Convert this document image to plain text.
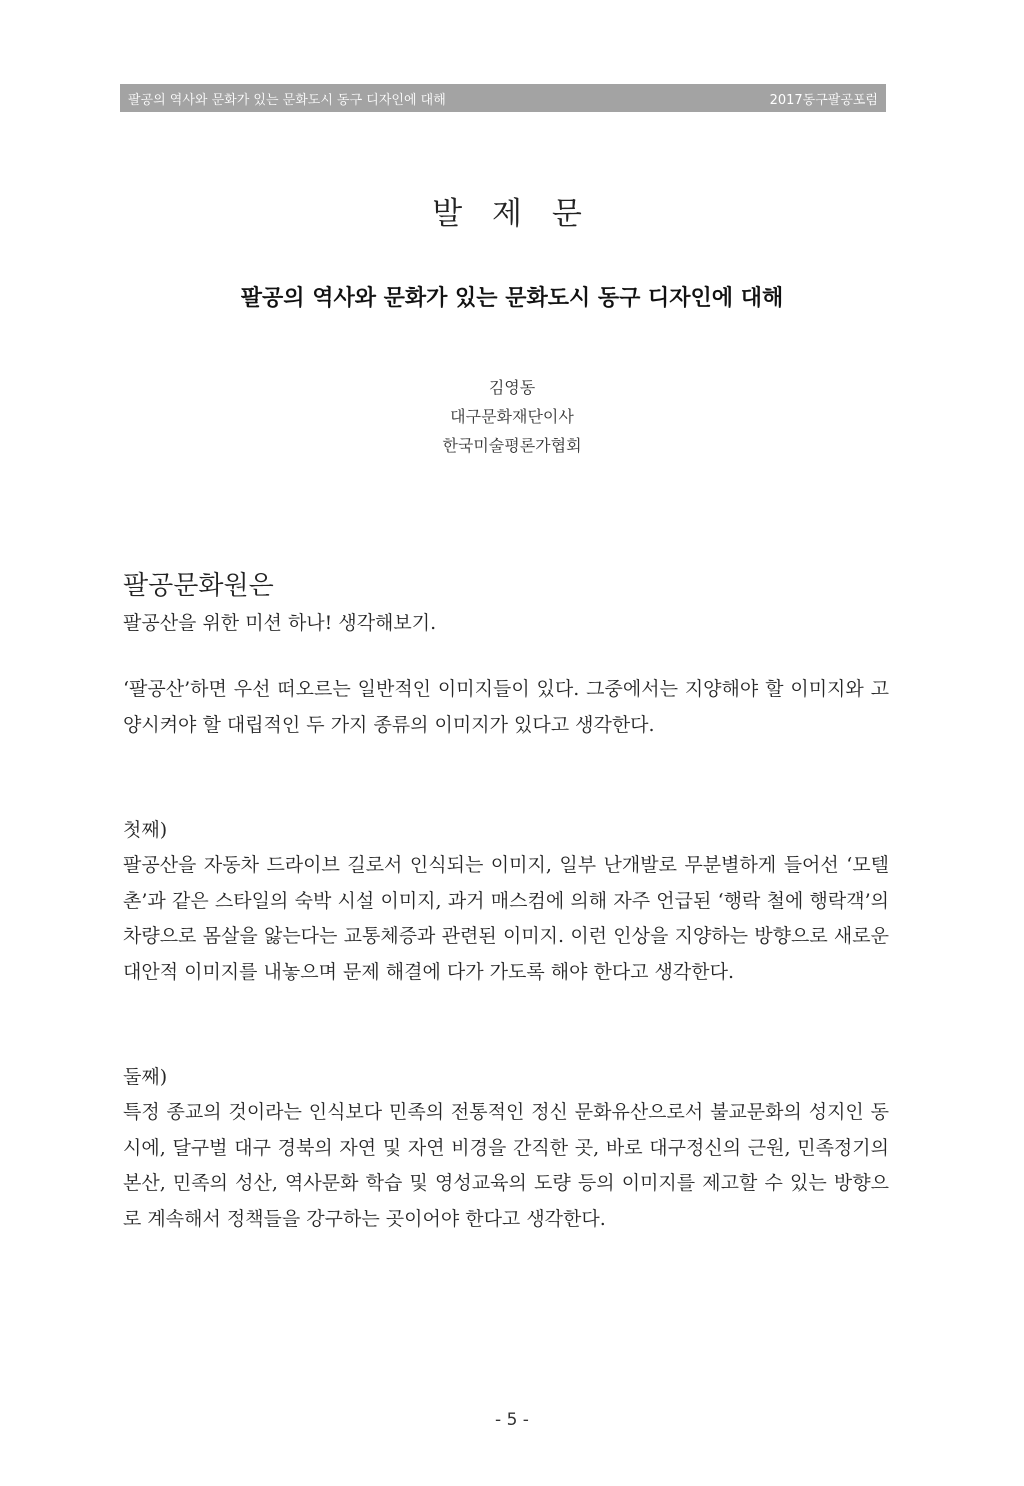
팔공의 역사와 문화가 있는 문화도시 동구 디자인에 대해	2017동구팔공포럼
발 제 문
팔공의 역사와 문화가 있는 문화도시 동구 디자인에 대해
김영동
대구문화재단이사
한국미술평론가협회
팔공문화원은

팔공산을 위한 미션 하나! 생각해보기.

‘팔공산’하면 우선 떠오르는 일반적인 이미지들이 있다. 그중에서는 지양해야 할 이미지와 고양시켜야 할 대립적인 두 가지 종류의 이미지가 있다고 생각한다.

첫째)

팔공산을 자동차 드라이브 길로서 인식되는 이미지, 일부 난개발로 무분별하게 들어선 ‘모텔 촌’과 같은 스타일의 숙박 시설 이미지, 과거 매스컴에 의해 자주 언급된 ‘행락 철에 행락객’의 차량으로 몸살을 앓는다는 교통체증과 관련된 이미지. 이런 인상을 지양하는 방향으로 새로운 대안적 이미지를 내놓으며 문제 해결에 다가 가도록 해야 한다고 생각한다.

둘째)

특정 종교의 것이라는 인식보다 민족의 전통적인 정신 문화유산으로서 불교문화의 성지인 동시에, 달구벌 대구 경북의 자연 및 자연 비경을 간직한 곳, 바로 대구정신의 근원, 민족정기의 본산, 민족의 성산, 역사문화 학습 및 영성교육의 도량 등의 이미지를 제고할 수 있는 방향으로 계속해서 정책들을 강구하는 곳이어야 한다고 생각한다.

- 5 -
